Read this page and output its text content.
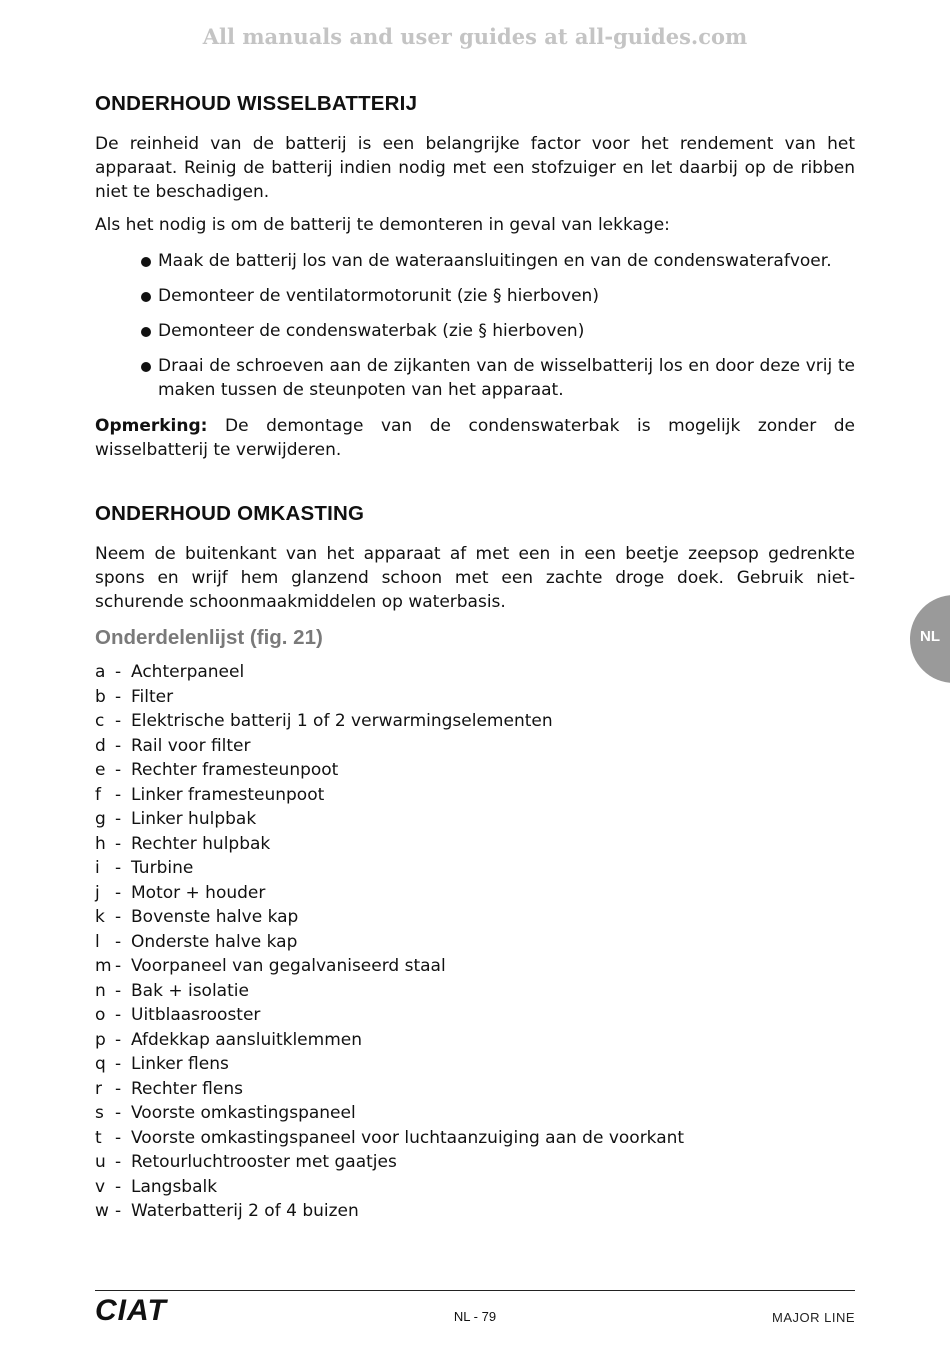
All manuals and user guides at all-guides.com
ONDERHOUD WISSELBATTERIJ

De reinheid van de batterij is een belangrijke factor voor het rendement van het apparaat. Reinig de batterij indien nodig met een stofzuiger en let daarbij op de ribben niet te beschadigen.

Als het nodig is om de batterij te demonteren in geval van lekkage:

Maak de batterij los van de wateraansluitingen en van de condenswaterafvoer.
Demonteer de ventilatormotorunit (zie § hierboven)
Demonteer de condenswaterbak (zie § hierboven)
Draai de schroeven aan de zijkanten van de wisselbatterij los en door deze vrij te maken tussen de steunpoten van het apparaat.

Opmerking: De demontage van de condenswaterbak is mogelijk zonder de wisselbatterij te verwijderen.

ONDERHOUD OMKASTING

Neem de buitenkant van het apparaat af met een in een beetje zeepsop gedrenkte spons en wrijf hem glanzend schoon met een zachte droge doek. Gebruik niet-schurende schoonmaakmiddelen op waterbasis.

Onderdelenlijst (fig. 21)
a - Achterpaneel
b - Filter
c - Elektrische batterij 1 of 2 verwarmingselementen
d - Rail voor filter
e - Rechter framesteunpoot
f - Linker framesteunpoot
g - Linker hulpbak
h - Rechter hulpbak
i - Turbine
j - Motor + houder
k - Bovenste halve kap
l - Onderste halve kap
m - Voorpaneel van gegalvaniseerd staal
n - Bak + isolatie
o - Uitblaasrooster
p - Afdekkap aansluitklemmen
q - Linker flens
r - Rechter flens
s - Voorste omkastingspaneel
t - Voorste omkastingspaneel voor luchtaanzuiging aan de voorkant
u - Retourluchtrooster met gaatjes
v - Langsbalk
w - Waterbatterij 2 of 4 buizen
NL
CIAT	NL - 79	MAJOR LINE
